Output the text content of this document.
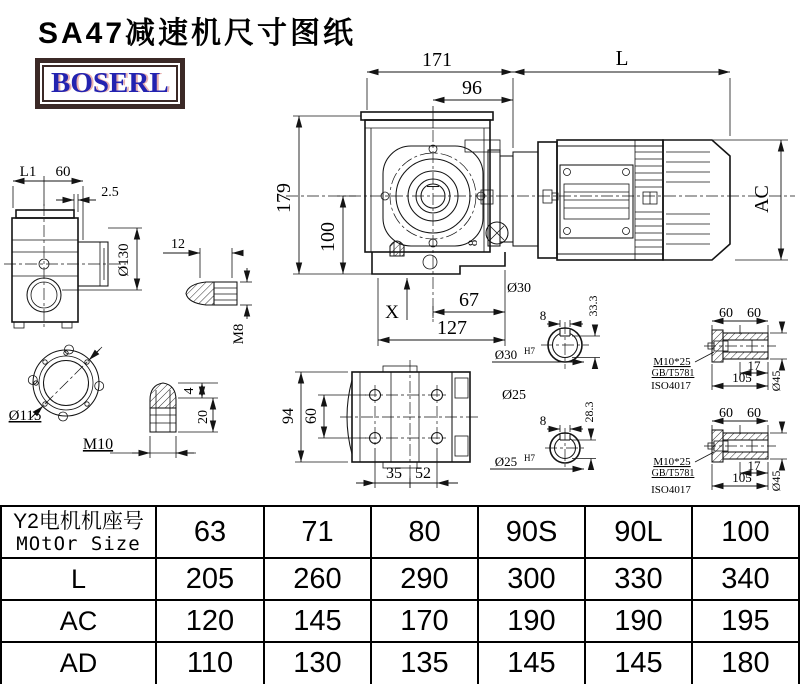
SA47减速机尺寸图纸
BOSERL
8
171	L
96
179
100
X
67
127
Ø30
AC
L1 60
2.5
Ø130	12
M8
Ø115
4
20
M10
94 60
35 52
8	33.3
Ø30 H7
Ø25
8	28.3
Ø25 H7
60 60
M10*25
GB/T5781
ISO4017
17
105 Ø45
60 60
M10*25
GB/T5781
ISO4017
17
105 Ø45
Y2电机机座号
MOtOr Size	63	71	80	90S	90L	100
L	205	260	290	300	330	340
AC	120	145	170	190	190	195
AD	110	130	135	145	145	180
